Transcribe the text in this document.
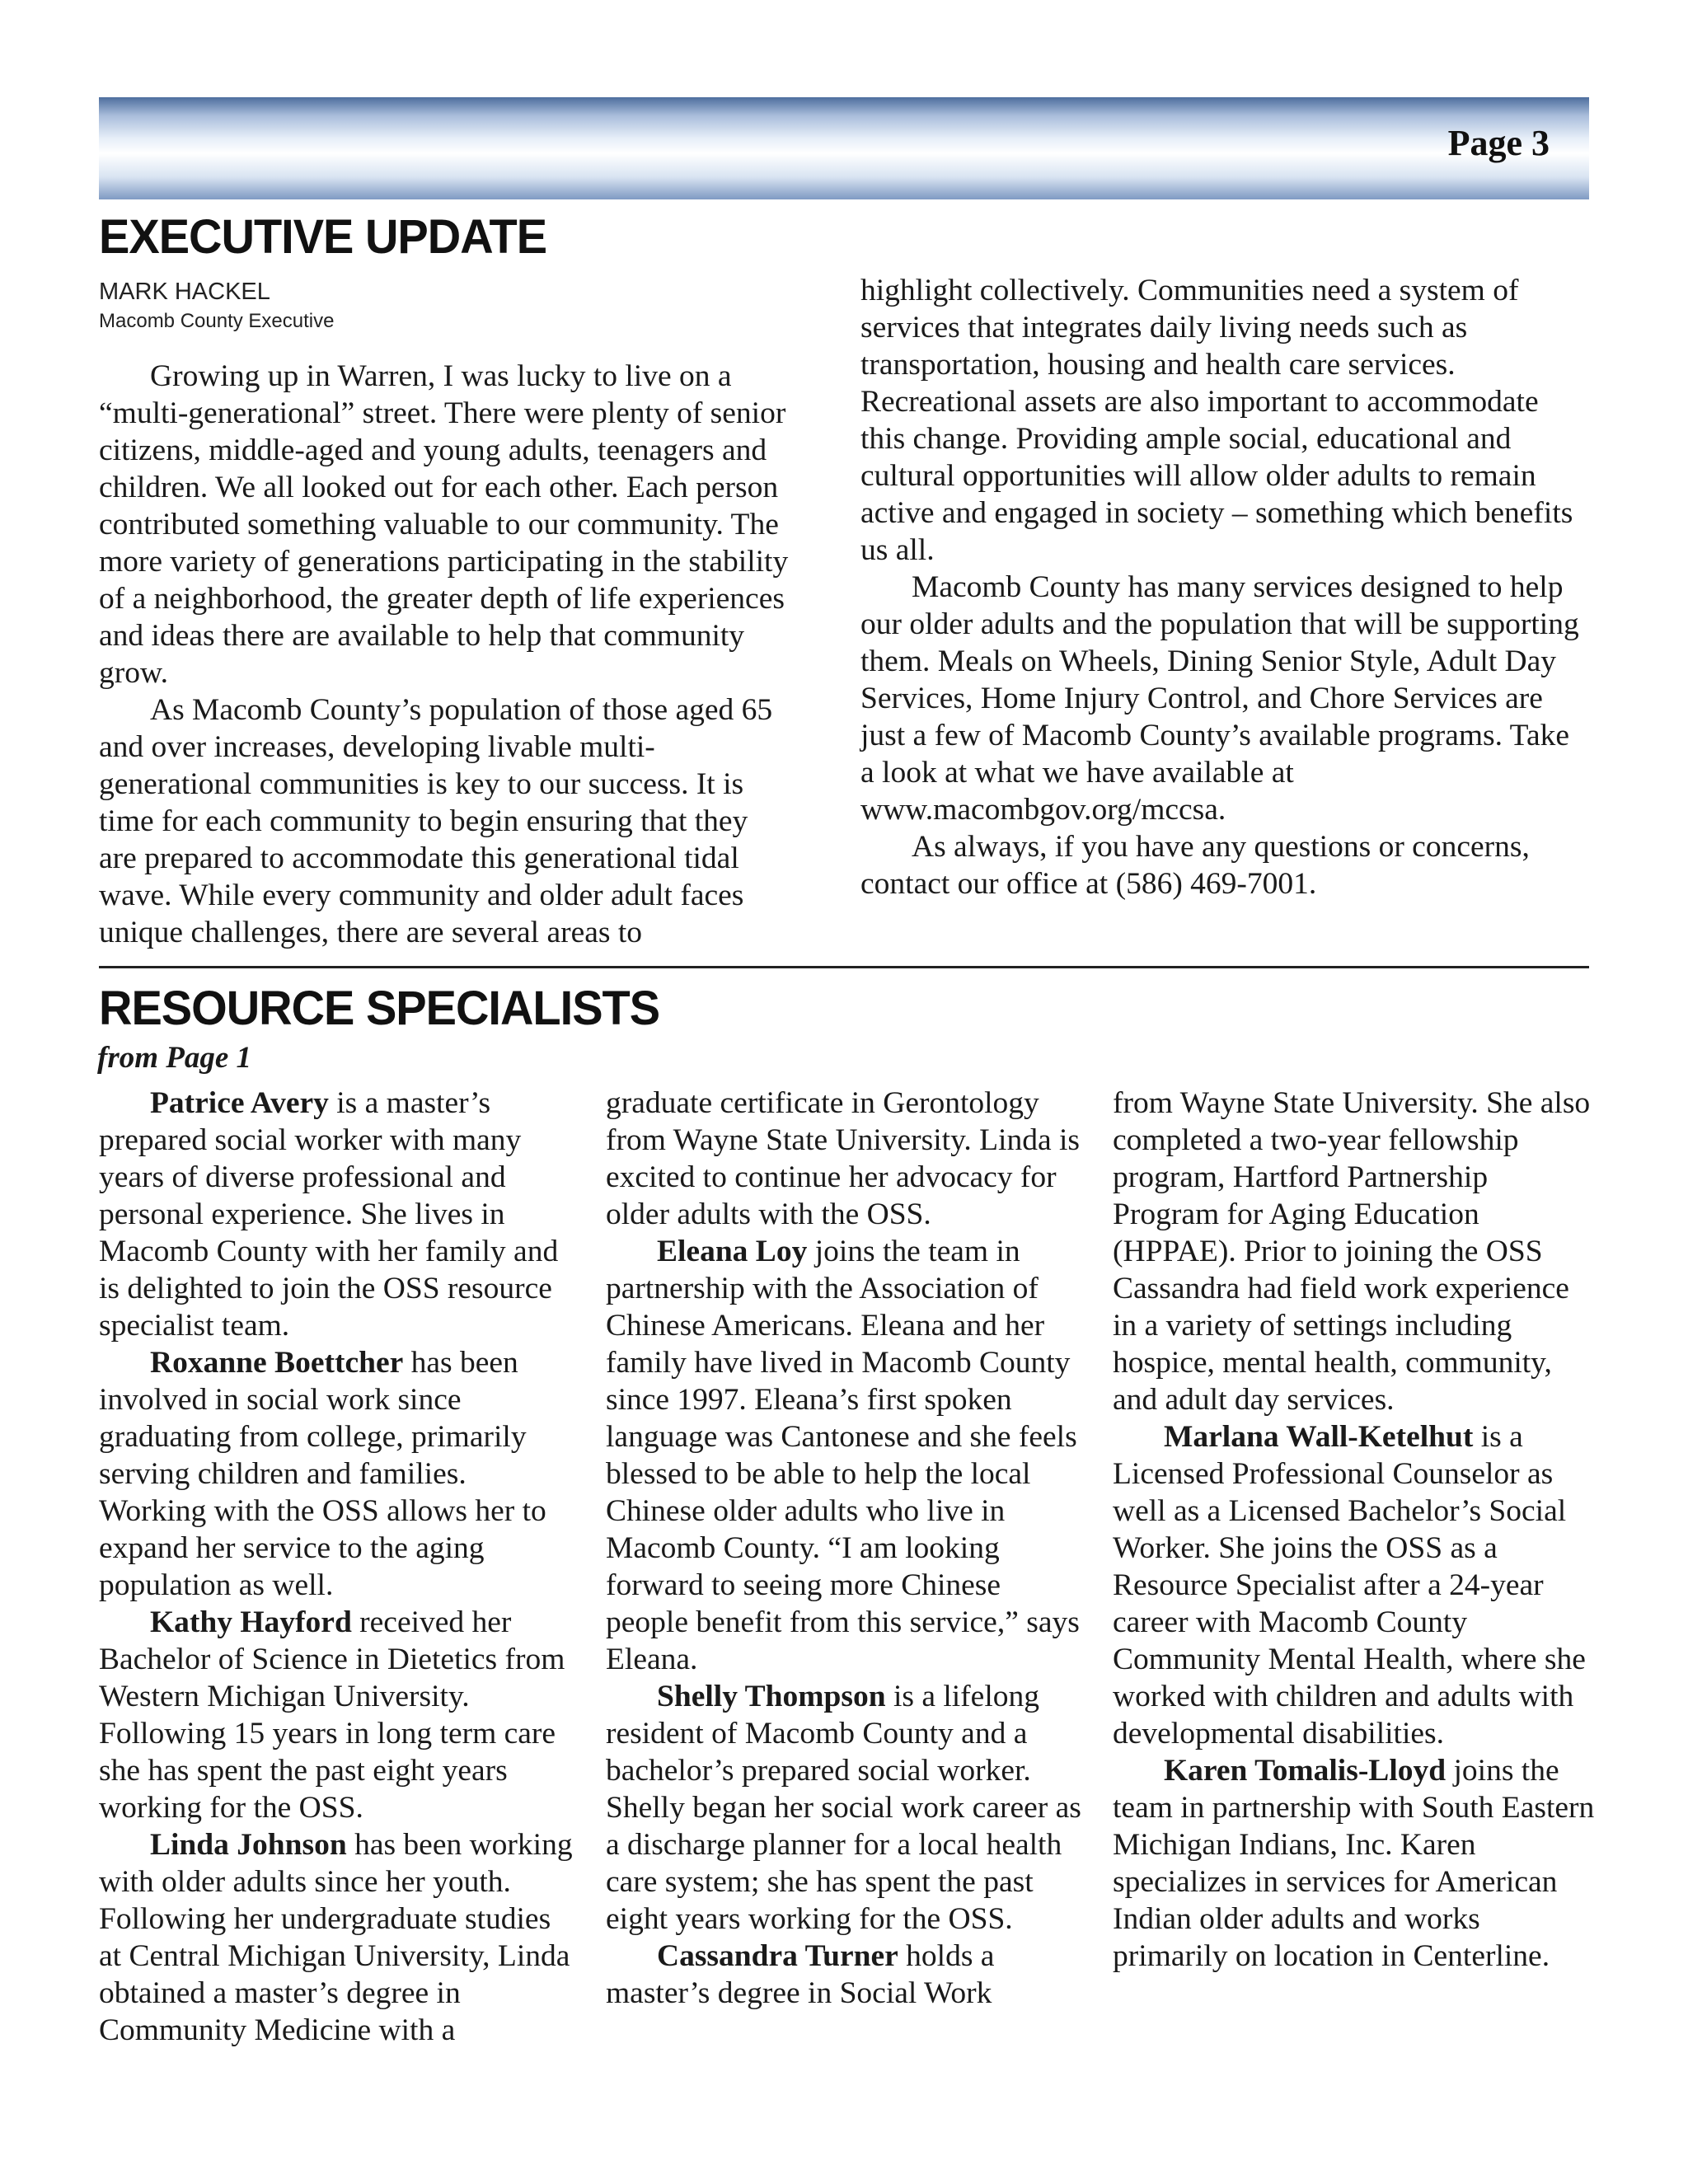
Page 3
EXECUTIVE UPDATE
MARK HACKEL
Macomb County Executive

Growing up in Warren, I was lucky to live on a “multi-generational” street. There were plenty of senior citizens, middle-aged and young adults, teenagers and children. We all looked out for each other. Each person contributed something valuable to our community. The more variety of generations participating in the stability of a neighborhood, the greater depth of life experiences and ideas there are available to help that community grow.

As Macomb County’s population of those aged 65 and over increases, developing livable multi-generational communities is key to our success. It is time for each community to begin ensuring that they are prepared to accommodate this generational tidal wave. While every community and older adult faces unique challenges, there are several areas to

highlight collectively. Communities need a system of services that integrates daily living needs such as transportation, housing and health care services. Recreational assets are also important to accommodate this change. Providing ample social, educational and cultural opportunities will allow older adults to remain active and engaged in society – something which benefits us all.

Macomb County has many services designed to help our older adults and the population that will be supporting them. Meals on Wheels, Dining Senior Style, Adult Day Services, Home Injury Control, and Chore Services are just a few of Macomb County’s available programs. Take a look at what we have available at www.macombgov.org/mccsa.

As always, if you have any questions or concerns, contact our office at (586) 469-7001.

RESOURCE SPECIALISTS
from Page 1

Patrice Avery is a master’s prepared social worker with many years of diverse professional and personal experience. She lives in Macomb County with her family and is delighted to join the OSS resource specialist team.

Roxanne Boettcher has been involved in social work since graduating from college, primarily serving children and families. Working with the OSS allows her to expand her service to the aging population as well.

Kathy Hayford received her Bachelor of Science in Dietetics from Western Michigan University. Following 15 years in long term care she has spent the past eight years working for the OSS.

Linda Johnson has been working with older adults since her youth. Following her undergraduate studies at Central Michigan University, Linda obtained a master’s degree in Community Medicine with a

graduate certificate in Gerontology from Wayne State University. Linda is excited to continue her advocacy for older adults with the OSS.

Eleana Loy joins the team in partnership with the Association of Chinese Americans. Eleana and her family have lived in Macomb County since 1997. Eleana’s first spoken language was Cantonese and she feels blessed to be able to help the local Chinese older adults who live in Macomb County. “I am looking forward to seeing more Chinese people benefit from this service,” says Eleana.

Shelly Thompson is a lifelong resident of Macomb County and a bachelor’s prepared social worker. Shelly began her social work career as a discharge planner for a local health care system; she has spent the past eight years working for the OSS.

Cassandra Turner holds a master’s degree in Social Work

from Wayne State University. She also completed a two-year fellowship program, Hartford Partnership Program for Aging Education (HPPAE). Prior to joining the OSS Cassandra had field work experience in a variety of settings including hospice, mental health, community, and adult day services.

Marlana Wall-Ketelhut is a Licensed Professional Counselor as well as a Licensed Bachelor’s Social Worker. She joins the OSS as a Resource Specialist after a 24-year career with Macomb County Community Mental Health, where she worked with children and adults with developmental disabilities.

Karen Tomalis-Lloyd joins the team in partnership with South Eastern Michigan Indians, Inc. Karen specializes in services for American Indian older adults and works primarily on location in Centerline.
